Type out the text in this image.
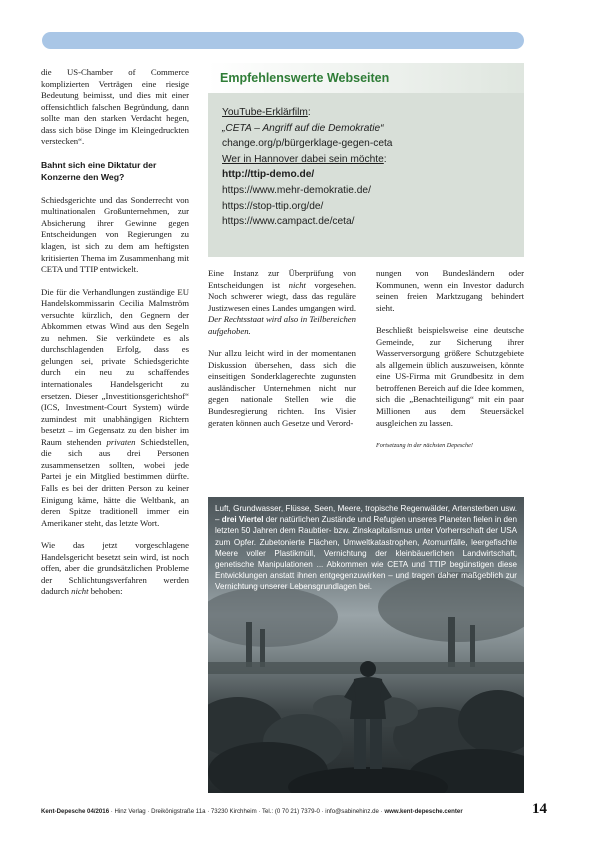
die US-Chamber of Commerce komplizierten Verträgen eine riesige Bedeutung beimisst, und dies mit einer offensichtlich falschen Begründung, dann sollte man den starken Verdacht hegen, dass sich böse Dinge im Kleingedruckten verstecken“.

Bahnt sich eine Diktatur der Konzerne den Weg?

Schiedsgerichte und das Sonderrecht von multinationalen Großunternehmen, zur Absicherung ihrer Gewinne gegen Entscheidungen von Regierungen zu klagen, ist sich zu dem am heftigsten kritisierten Thema im Zusammenhang mit CETA und TTIP entwickelt.

Die für die Verhandlungen zuständige EU Handelskommissarin Cecilia Malmström versuchte kürzlich, den Gegnern der Abkommen etwas Wind aus den Segeln zu nehmen. Sie verkündete es als durchschlagenden Erfolg, dass es gelungen sei, private Schiedsgerichte durch ein neu zu schaffendes internationales Handelsgericht zu ersetzen. Dieser „Investitionsgerichtshof“ (ICS, Investment-Court System) würde zumindest mit unabhängigen Richtern besetzt – im Gegensatz zu den bisher im Raum stehenden privaten Schiedstellen, die sich aus drei Personen zusammensetzen sollten, wobei jede Partei je ein Mitglied bestimmen dürfte. Falls es bei der dritten Person zu keiner Einigung käme, hätte die Weltbank, an deren Spitze traditionell immer ein Amerikaner steht, das letzte Wort.

Wie das jetzt vorgeschlagene Handelsgericht besetzt sein wird, ist noch offen, aber die grundsätzlichen Probleme der Schlichtungsverfahren werden dadurch nicht behoben:

Empfehlenswerte Webseiten
YouTube-Erklärfilm:
„CETA – Angriff auf die Demokratie“
change.org/p/bürgerklage-gegen-ceta
Wer in Hannover dabei sein möchte:
http://ttip-demo.de/
https://www.mehr-demokratie.de/
https://stop-ttip.org/de/
https://www.campact.de/ceta/

Eine Instanz zur Überprüfung von Entscheidungen ist nicht vorgesehen. Noch schwerer wiegt, dass das reguläre Justizwesen eines Landes umgangen wird. Der Rechtsstaat wird also in Teilbereichen aufgehoben.

Nur allzu leicht wird in der momentanen Diskussion übersehen, dass sich die einseitigen Sonderklagerechte zugunsten ausländischer Unternehmen nicht nur gegen nationale Stellen wie die Bundesregierung richten. Ins Visier geraten können auch Gesetze und Verord-

nungen von Bundesländern oder Kommunen, wenn ein Investor dadurch seinen freien Marktzugang behindert sieht.

Beschließt beispielsweise eine deutsche Gemeinde, zur Sicherung ihrer Wasserversorgung größere Schutzgebiete als allgemein üblich auszuweisen, könnte eine US-Firma mit Grundbesitz in dem betroffenen Bereich auf die Idee kommen, sich die „Benachteiligung“ mit ein paar Millionen aus dem Steuersäckel ausgleichen zu lassen.

Fortsetzung in der nächsten Depesche!
Luft, Grundwasser, Flüsse, Seen, Meere, tropische Regenwälder, Artensterben usw. – drei Viertel der natürlichen Zustände und Refugien unseres Planeten fielen in den letzten 50 Jahren dem Raubtier- bzw. Zinskapitalismus unter Vorherrschaft der USA zum Opfer. Zubetonierte Flächen, Umweltkatastrophen, Atomunfälle, leergefischte Meere voller Plastikmüll, Vernichtung der kleinbäuerlichen Landwirtschaft, genetische Manipulationen ... Abkommen wie CETA und TTIP begünstigen diese Entwicklungen anstatt ihnen entgegenzuwirken – und tragen daher maßgeblich zur Vernichtung unserer Lebensgrundlagen bei.
Kent-Depesche 04/2016 · Hinz Verlag · Dreikönigstraße 11a · 73230 Kirchheim · Tel.: (0 70 21) 7379-0 · info@sabinehinz.de · www.kent-depesche.center	14
